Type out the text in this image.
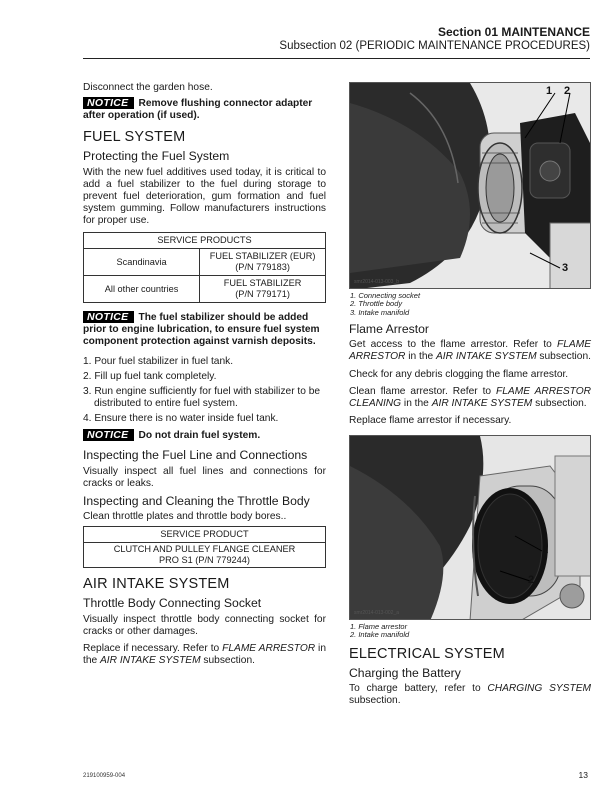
Section 01 MAINTENANCE
Subsection 02 (PERIODIC MAINTENANCE PROCEDURES)

Disconnect the garden hose.

NOTICE Remove flushing connector adapter after operation (if used).
FUEL SYSTEM
Protecting the Fuel System

With the new fuel additives used today, it is critical to add a fuel stabilizer to the fuel during storage to prevent fuel deterioration, gum formation and fuel system gumming. Follow manufacturers instructions for proper use.

SERVICE PRODUCTS	
Scandinavia	FUEL STABILIZER (EUR)
(P/N 779183)
All other countries	FUEL STABILIZER
(P/N 779171)
NOTICE The fuel stabilizer should be added prior to engine lubrication, to ensure fuel system component protection against varnish deposits.
1. Pour fuel stabilizer in fuel tank.
2. Fill up fuel tank completely.
3. Run engine sufficiently for fuel with stabilizer to be distributed to entire fuel system.
4. Ensure there is no water inside fuel tank.
NOTICE Do not drain fuel system.
Inspecting the Fuel Line and Connections

Visually inspect all fuel lines and connections for cracks or leaks.

Inspecting and Cleaning the Throttle Body

Clean throttle plates and throttle body bores..

SERVICE PRODUCT
CLUTCH AND PULLEY FLANGE CLEANER
PRO S1 (P/N 779244)
AIR INTAKE SYSTEM
Throttle Body Connecting Socket

Visually inspect throttle body connecting socket for cracks or other damages.

Replace if necessary. Refer to FLAME ARRESTOR in the AIR INTAKE SYSTEM subsection.

1 2
3
smr2014-013-003_b
1. Connecting socket
2. Throttle body
3. Intake manifold
Flame Arrestor

Get access to the flame arrestor. Refer to FLAME ARRESTOR in the AIR INTAKE SYSTEM subsection.

Check for any debris clogging the flame arrestor.

Clean flame arrestor. Refer to FLAME ARRESTOR CLEANING in the AIR INTAKE SYSTEM subsection.

Replace flame arrestor if necessary.

1
2
smr2014-013-002_a
1. Flame arrestor
2. Intake manifold
ELECTRICAL SYSTEM
Charging the Battery

To charge battery, refer to CHARGING SYSTEM subsection.

219100959-004	13
